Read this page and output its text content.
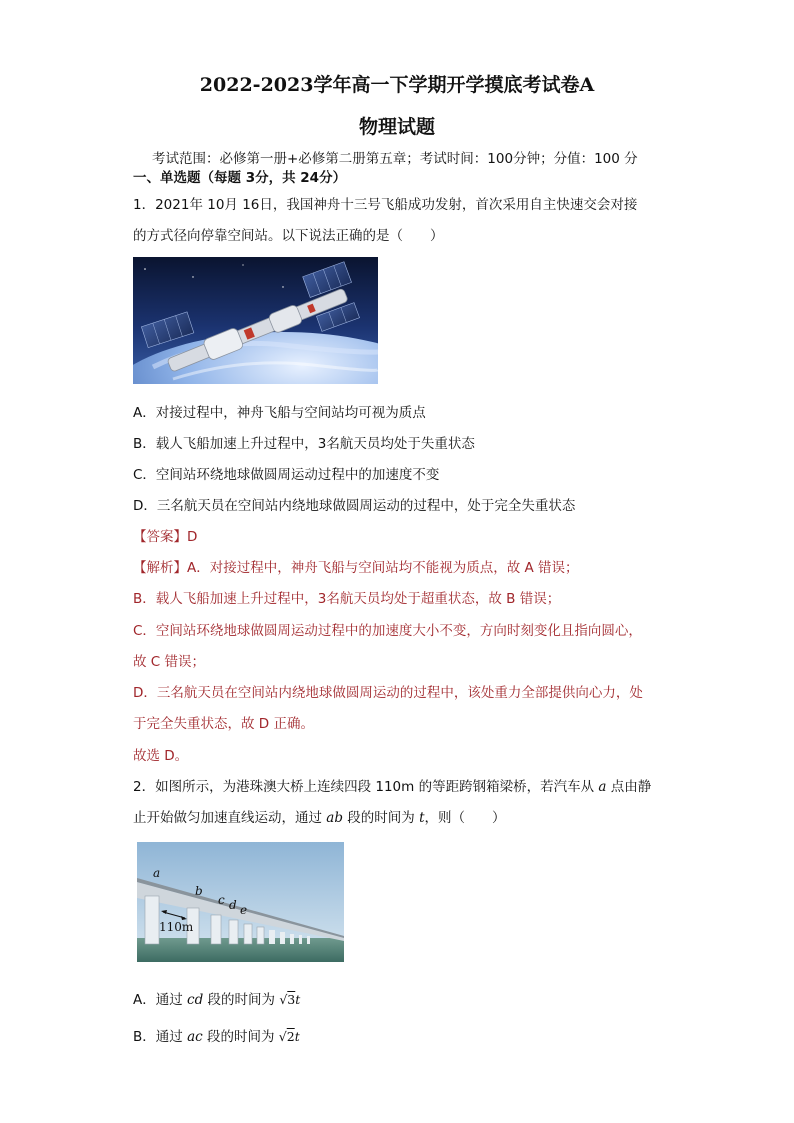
2022-2023学年高一下学期开学摸底考试卷A
物理试题
考试范围：必修第一册+必修第二册第五章；考试时间：100分钟；分值：100 分
一、单选题（每题 3分，共 24分）
1．2021年 10月 16日，我国神舟十三号飞船成功发射，首次采用自主快速交会对接
的方式径向停靠空间站。以下说法正确的是（　　）
A．对接过程中，神舟飞船与空间站均可视为质点
B．载人飞船加速上升过程中，3名航天员均处于失重状态
C．空间站环绕地球做圆周运动过程中的加速度不变
D．三名航天员在空间站内绕地球做圆周运动的过程中，处于完全失重状态
【答案】D
【解析】A．对接过程中，神舟飞船与空间站均不能视为质点，故 A 错误；
B．载人飞船加速上升过程中，3名航天员均处于超重状态，故 B 错误；
C．空间站环绕地球做圆周运动过程中的加速度大小不变，方向时刻变化且指向圆心，
故 C 错误；
D．三名航天员在空间站内绕地球做圆周运动的过程中，该处重力全部提供向心力，处
于完全失重状态，故 D 正确。
故选 D。
2．如图所示，为港珠澳大桥上连续四段 110m 的等距跨钢箱梁桥，若汽车从 a 点由静
止开始做匀加速直线运动，通过 ab 段的时间为 t，则（　　）
a
b
c d e
110m
A．通过 cd 段的时间为 √3t
B．通过 ac 段的时间为 √2t
